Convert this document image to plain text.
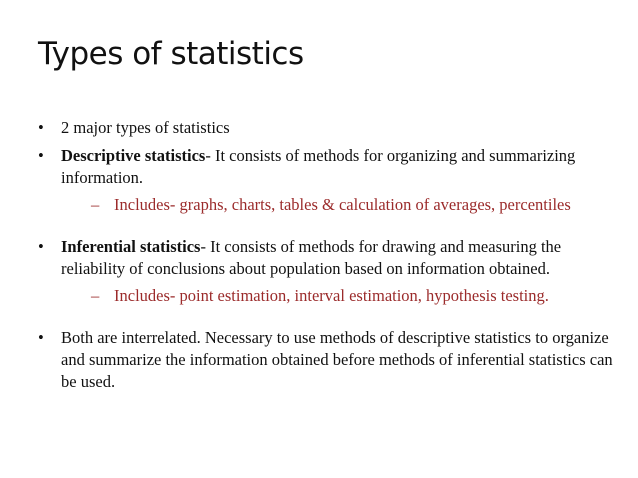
Types of statistics
• 2 major types of statistics
• Descriptive statistics- It consists of methods for organizing and summarizing information.
– Includes- graphs, charts, tables & calculation of averages, percentiles
• Inferential statistics- It consists of methods for drawing and measuring the reliability of conclusions about population based on information obtained.
– Includes- point estimation, interval estimation, hypothesis testing.
• Both are interrelated. Necessary to use methods of descriptive statistics to organize and summarize the information obtained before methods of inferential statistics can be used.
